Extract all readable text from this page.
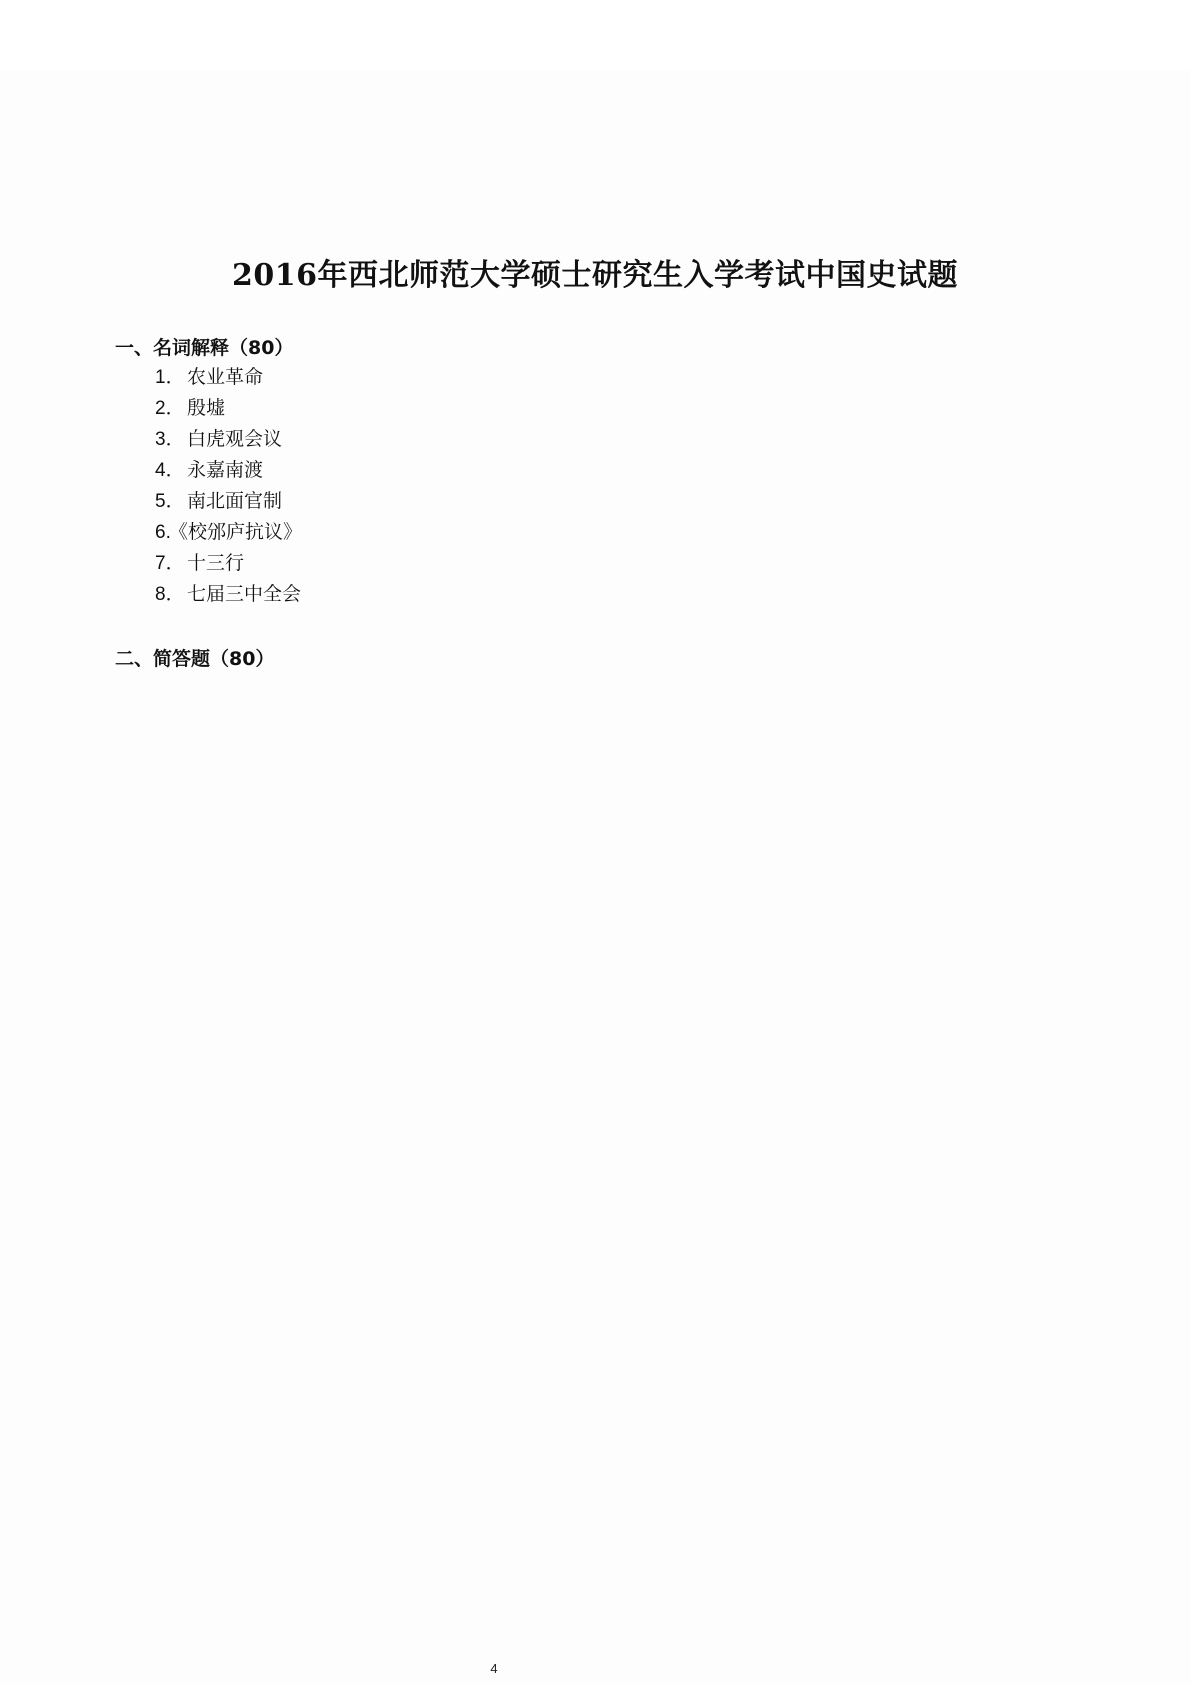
2016年西北师范大学硕士研究生入学考试中国史试题
一、名词解释（80）
1． 农业革命
2． 殷墟
3． 白虎观会议
4． 永嘉南渡
5． 南北面官制
6.《校邠庐抗议》
7． 十三行
8． 七届三中全会
二、简答题（80）
4
